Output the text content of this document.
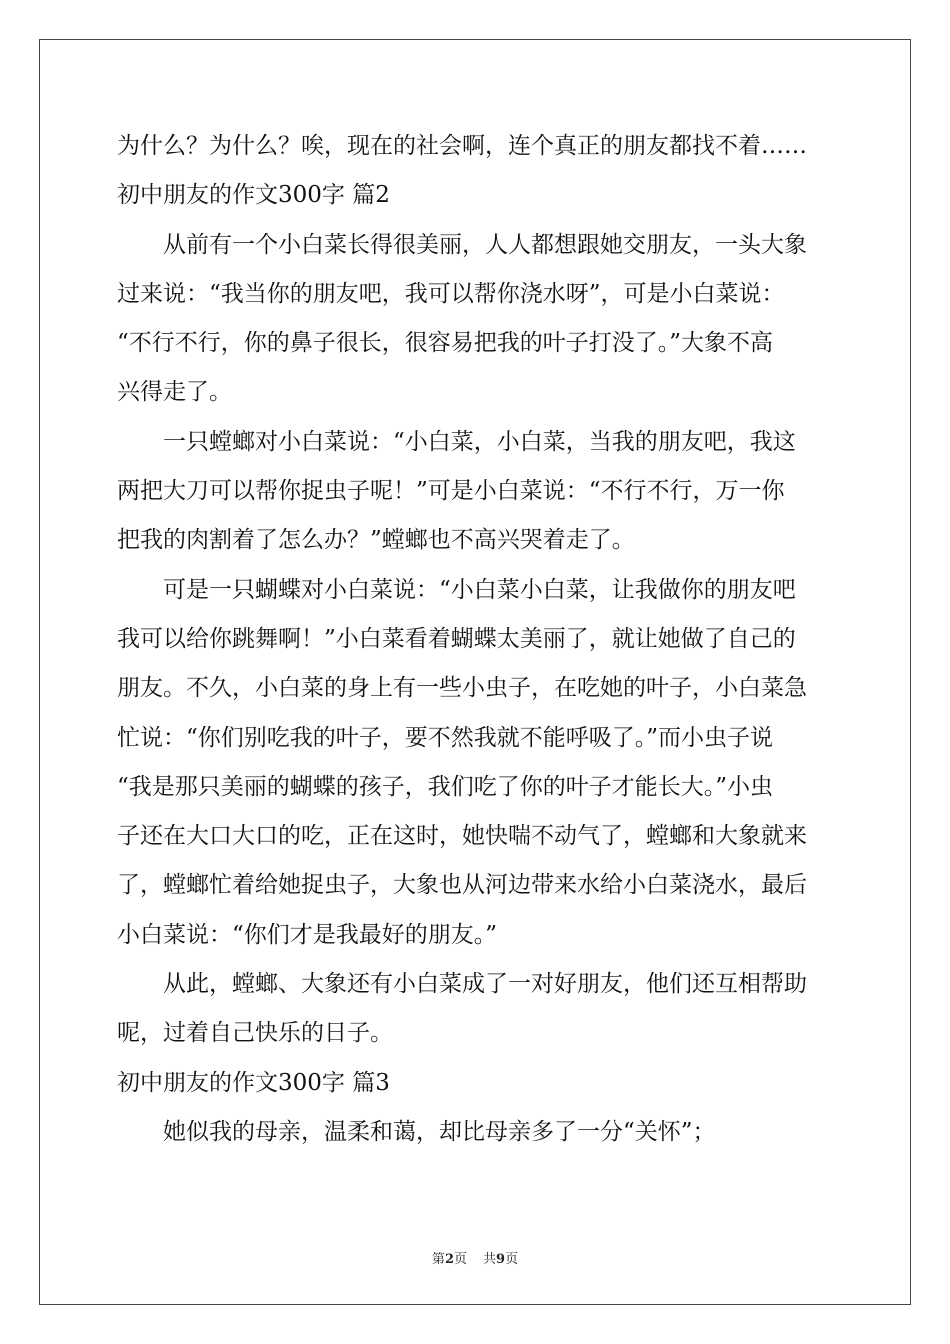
为什么？为什么？唉，现在的社会啊，连个真正的朋友都找不着……
初中朋友的作文300字 篇2
从前有一个小白菜长得很美丽，人人都想跟她交朋友，一头大象
过来说：“我当你的朋友吧，我可以帮你浇水呀”，可是小白菜说：
“不行不行，你的鼻子很长，很容易把我的叶子打没了。”大象不高
兴得走了。
一只螳螂对小白菜说：“小白菜，小白菜，当我的朋友吧，我这
两把大刀可以帮你捉虫子呢！”可是小白菜说：“不行不行，万一你
把我的肉割着了怎么办？”螳螂也不高兴哭着走了。
可是一只蝴蝶对小白菜说：“小白菜小白菜，让我做你的朋友吧
我可以给你跳舞啊！”小白菜看着蝴蝶太美丽了，就让她做了自己的
朋友。不久，小白菜的身上有一些小虫子，在吃她的叶子，小白菜急
忙说：“你们别吃我的叶子，要不然我就不能呼吸了。”而小虫子说
“我是那只美丽的蝴蝶的孩子，我们吃了你的叶子才能长大。”小虫
子还在大口大口的吃，正在这时，她快喘不动气了，螳螂和大象就来
了，螳螂忙着给她捉虫子，大象也从河边带来水给小白菜浇水，最后
小白菜说：“你们才是我最好的朋友。”
从此，螳螂、大象还有小白菜成了一对好朋友，他们还互相帮助
呢，过着自己快乐的日子。
初中朋友的作文300字 篇3
她似我的母亲，温柔和蔼，却比母亲多了一分“关怀”；
第2页 共9页
